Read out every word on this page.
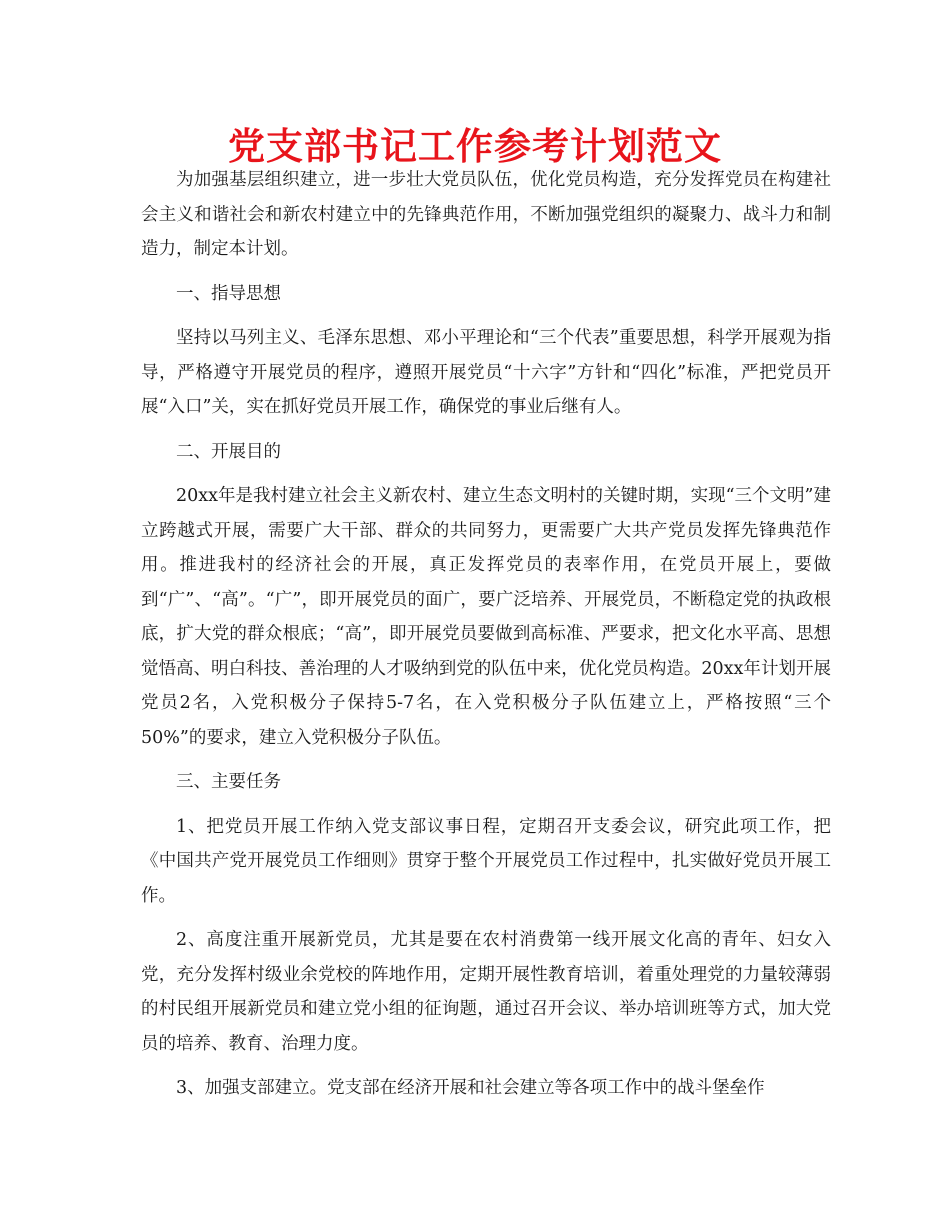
党支部书记工作参考计划范文

为加强基层组织建立，进一步壮大党员队伍，优化党员构造，充分发挥党员在构建社会主义和谐社会和新农村建立中的先锋典范作用，不断加强党组织的凝聚力、战斗力和制造力，制定本计划。

一、指导思想

坚持以马列主义、毛泽东思想、邓小平理论和“三个代表”重要思想，科学开展观为指导，严格遵守开展党员的程序，遵照开展党员“十六字”方针和“四化”标准，严把党员开展“入口”关，实在抓好党员开展工作，确保党的事业后继有人。

二、开展目的

20xx年是我村建立社会主义新农村、建立生态文明村的关键时期，实现“三个文明”建立跨越式开展，需要广大干部、群众的共同努力，更需要广大共产党员发挥先锋典范作用。推进我村的经济社会的开展，真正发挥党员的表率作用，在党员开展上，要做到“广”、“高”。“广”，即开展党员的面广，要广泛培养、开展党员，不断稳定党的执政根底，扩大党的群众根底；“高”，即开展党员要做到高标准、严要求，把文化水平高、思想觉悟高、明白科技、善治理的人才吸纳到党的队伍中来，优化党员构造。20xx年计划开展党员2名，入党积极分子保持5-7名，在入党积极分子队伍建立上，严格按照“三个50%”的要求，建立入党积极分子队伍。

三、主要任务

1、把党员开展工作纳入党支部议事日程，定期召开支委会议，研究此项工作，把《中国共产党开展党员工作细则》贯穿于整个开展党员工作过程中，扎实做好党员开展工作。

2、高度注重开展新党员，尤其是要在农村消费第一线开展文化高的青年、妇女入党，充分发挥村级业余党校的阵地作用，定期开展性教育培训，着重处理党的力量较薄弱的村民组开展新党员和建立党小组的征询题，通过召开会议、举办培训班等方式，加大党员的培养、教育、治理力度。

3、加强支部建立。党支部在经济开展和社会建立等各项工作中的战斗堡垒作
